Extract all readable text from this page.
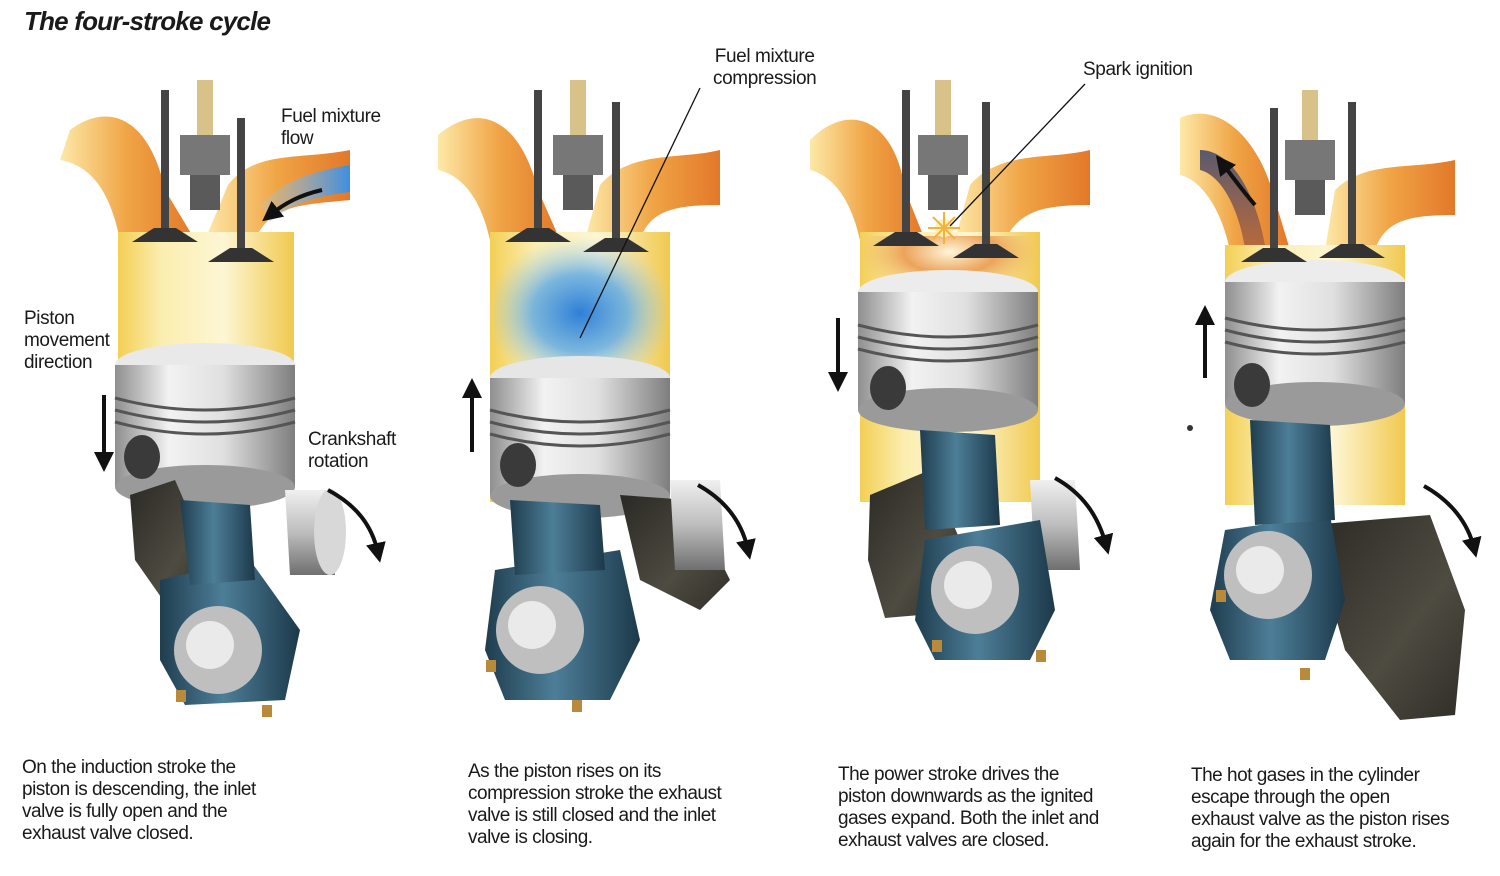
The four-stroke cycle
Fuel mixture
flow
Piston
movement
direction
Crankshaft
rotation
Fuel mixture
compression	Spark ignition
On the induction stroke the
piston is descending, the inlet
valve is fully open and the
exhaust valve closed.
As the piston rises on its
compression stroke the exhaust
valve is still closed and the inlet
valve is closing.
The power stroke drives the
piston downwards as the ignited
gases expand. Both the inlet and
exhaust valves are closed.
The hot gases in the cylinder
escape through the open
exhaust valve as the piston rises
again for the exhaust stroke.
